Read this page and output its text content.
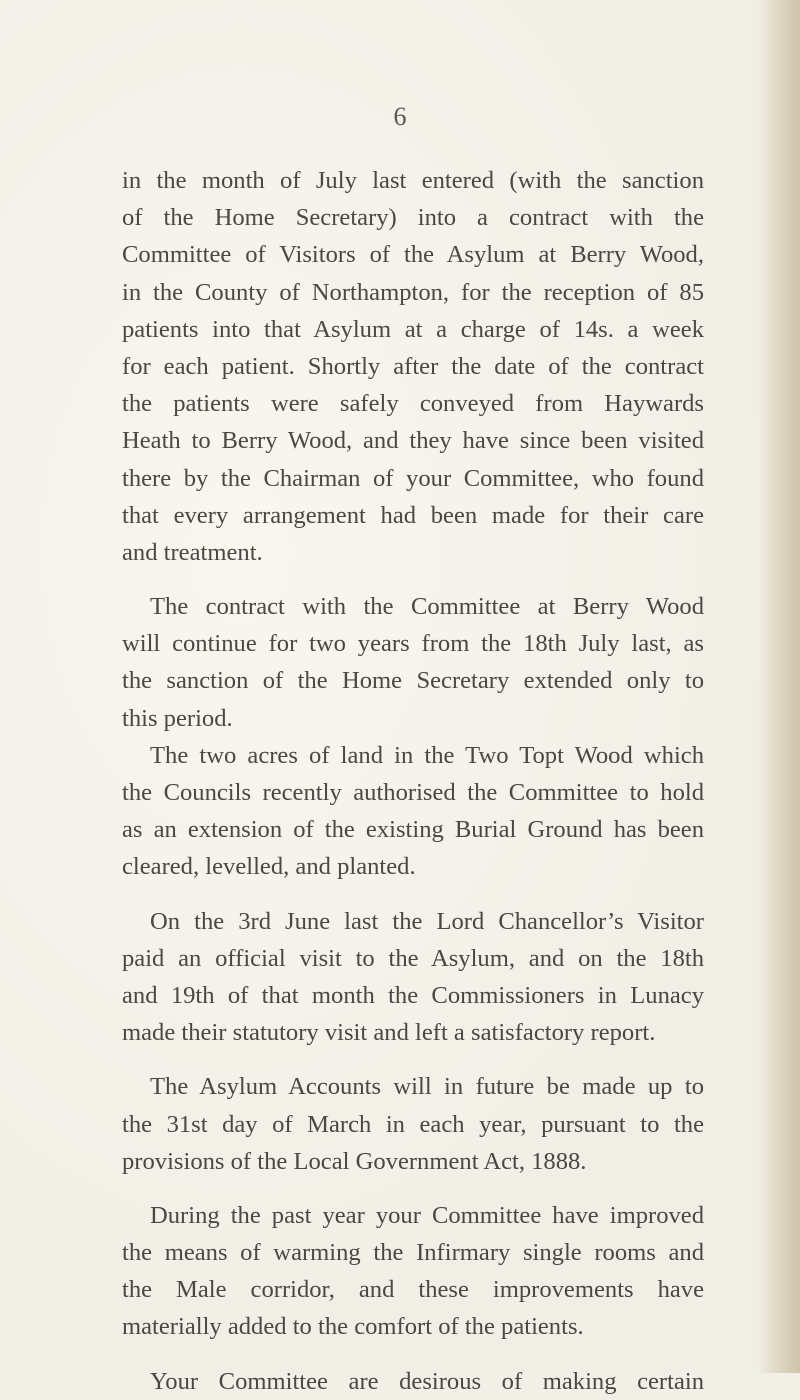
6
in the month of July last entered (with the sanction
of the Home Secretary) into a contract with the
Committee of Visitors of the Asylum at Berry Wood,
in the County of Northampton, for the reception of 85
patients into that Asylum at a charge of 14s. a week
for each patient. Shortly after the date of the contract
the patients were safely conveyed from Haywards
Heath to Berry Wood, and they have since been visited
there by the Chairman of your Committee, who found
that every arrangement had been made for their care
and treatment.
The contract with the Committee at Berry Wood
will continue for two years from the 18th July last, as
the sanction of the Home Secretary extended only to
this period.
The two acres of land in the Two Topt Wood which
the Councils recently authorised the Committee to hold
as an extension of the existing Burial Ground has been
cleared, levelled, and planted.
On the 3rd June last the Lord Chancellor’s Visitor
paid an official visit to the Asylum, and on the 18th
and 19th of that month the Commissioners in Lunacy
made their statutory visit and left a satisfactory report.
The Asylum Accounts will in future be made up to
the 31st day of March in each year, pursuant to the
provisions of the Local Government Act, 1888.
During the past year your Committee have improved
the means of warming the Infirmary single rooms and
the Male corridor, and these improvements have
materially added to the comfort of the patients.
Your Committee are desirous of making certain
